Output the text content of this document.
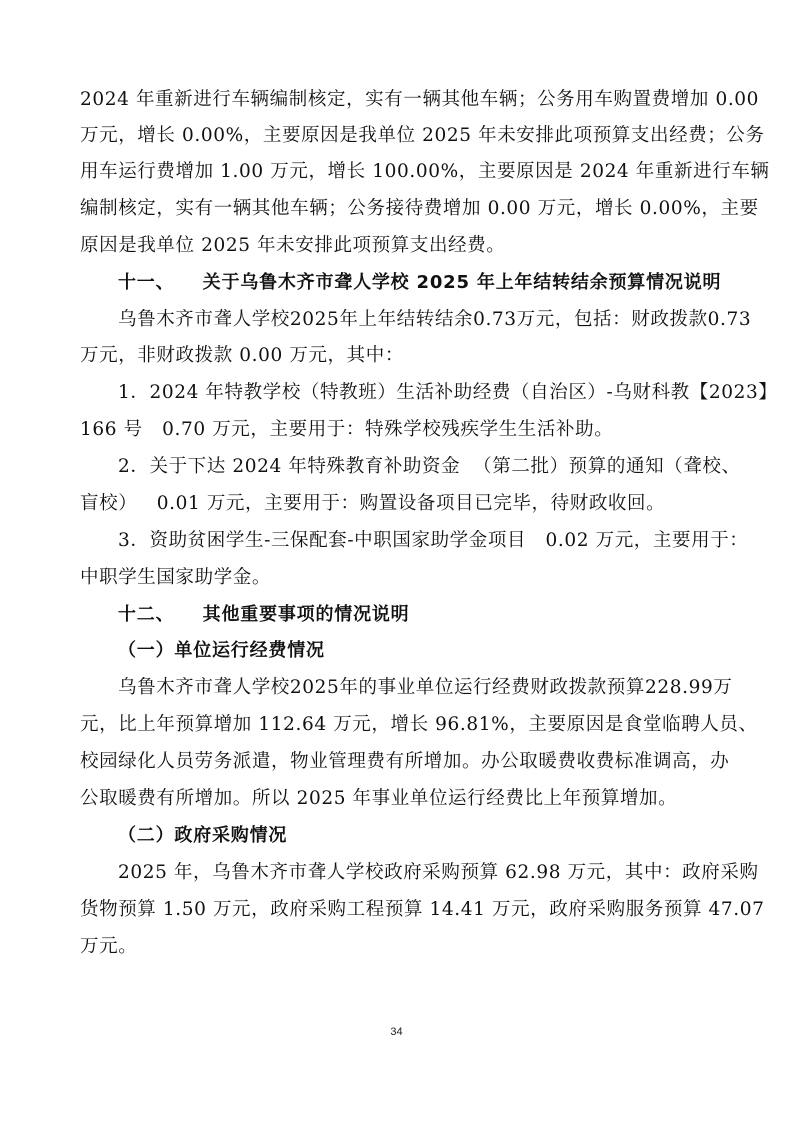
2024 年重新进行车辆编制核定，实有一辆其他车辆；公务用车购置费增加 0.00
万元，增长 0.00%，主要原因是我单位 2025 年未安排此项预算支出经费；公务
用车运行费增加 1.00 万元，增长 100.00%，主要原因是 2024 年重新进行车辆
编制核定，实有一辆其他车辆；公务接待费增加 0.00 万元，增长 0.00%，主要
原因是我单位 2025 年未安排此项预算支出经费。
十一、    关于乌鲁木齐市聋人学校 2025 年上年结转结余预算情况说明
乌鲁木齐市聋人学校2025年上年结转结余0.73万元，包括：财政拨款0.73
万元，非财政拨款 0.00 万元，其中：
1．2024 年特教学校（特教班）生活补助经费（自治区）-乌财科教【2023】
166 号   0.70 万元，主要用于：特殊学校残疾学生生活补助。
2．关于下达 2024 年特殊教育补助资金  （第二批）预算的通知（聋校、
盲校）   0.01 万元，主要用于：购置设备项目已完毕，待财政收回。
3．资助贫困学生-三保配套-中职国家助学金项目   0.02 万元，主要用于：
中职学生国家助学金。
十二、    其他重要事项的情况说明
（一）单位运行经费情况
乌鲁木齐市聋人学校2025年的事业单位运行经费财政拨款预算228.99万
元，比上年预算增加 112.64 万元，增长 96.81%，主要原因是食堂临聘人员、
校园绿化人员劳务派遣，物业管理费有所增加。办公取暖费收费标准调高，办
公取暖费有所增加。所以 2025 年事业单位运行经费比上年预算增加。
（二）政府采购情况
2025 年，乌鲁木齐市聋人学校政府采购预算 62.98 万元，其中：政府采购
货物预算 1.50 万元，政府采购工程预算 14.41 万元，政府采购服务预算 47.07
万元。
34
